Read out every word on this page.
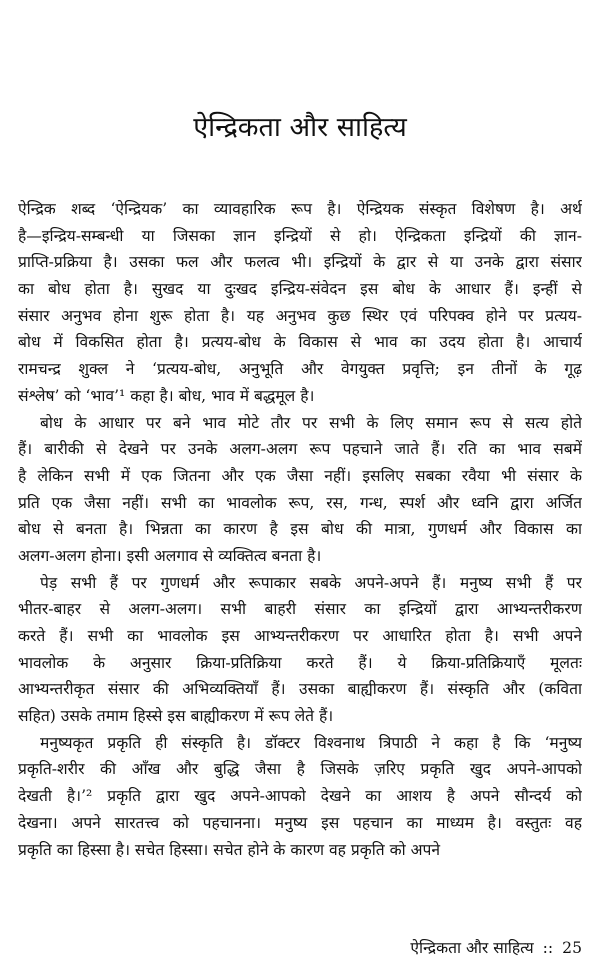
ऐन्द्रिकता और साहित्य
ऐन्द्रिक शब्द ‘ऐन्द्रियक’ का व्यावहारिक रूप है। ऐन्द्रियक संस्कृत विशेषण है। अर्थ
है—इन्द्रिय-सम्बन्धी या जिसका ज्ञान इन्द्रियों से हो। ऐन्द्रिकता इन्द्रियों की ज्ञान-
प्राप्ति-प्रक्रिया है। उसका फल और फलत्व भी। इन्द्रियों के द्वार से या उनके द्वारा संसार
का बोध होता है। सुखद या दुःखद इन्द्रिय-संवेदन इस बोध के आधार हैं। इन्हीं से
संसार अनुभव होना शुरू होता है। यह अनुभव कुछ स्थिर एवं परिपक्व होने पर प्रत्यय-
बोध में विकसित होता है। प्रत्यय-बोध के विकास से भाव का उदय होता है। आचार्य
रामचन्द्र शुक्ल ने ‘प्रत्यय-बोध, अनुभूति और वेगयुक्त प्रवृत्ति; इन तीनों के गूढ़
संश्लेष’ को ‘भाव’¹ कहा है। बोध, भाव में बद्धमूल है।
बोध के आधार पर बने भाव मोटे तौर पर सभी के लिए समान रूप से सत्य होते
हैं। बारीकी से देखने पर उनके अलग-अलग रूप पहचाने जाते हैं। रति का भाव सबमें
है लेकिन सभी में एक जितना और एक जैसा नहीं। इसलिए सबका रवैया भी संसार के
प्रति एक जैसा नहीं। सभी का भावलोक रूप, रस, गन्ध, स्पर्श और ध्वनि द्वारा अर्जित
बोध से बनता है। भिन्नता का कारण है इस बोध की मात्रा, गुणधर्म और विकास का
अलग-अलग होना। इसी अलगाव से व्यक्तित्व बनता है।
पेड़ सभी हैं पर गुणधर्म और रूपाकार सबके अपने-अपने हैं। मनुष्य सभी हैं पर
भीतर-बाहर से अलग-अलग। सभी बाहरी संसार का इन्द्रियों द्वारा आभ्यन्तरीकरण
करते हैं। सभी का भावलोक इस आभ्यन्तरीकरण पर आधारित होता है। सभी अपने
भावलोक के अनुसार क्रिया-प्रतिक्रिया करते हैं। ये क्रिया-प्रतिक्रियाएँ मूलतः
आभ्यन्तरीकृत संसार की अभिव्यक्तियाँ हैं। उसका बाह्यीकरण हैं। संस्कृति और (कविता
सहित) उसके तमाम हिस्से इस बाह्यीकरण में रूप लेते हैं।
मनुष्यकृत प्रकृति ही संस्कृति है। डॉक्टर विश्वनाथ त्रिपाठी ने कहा है कि ‘मनुष्य
प्रकृति-शरीर की आँख और बुद्धि जैसा है जिसके ज़रिए प्रकृति खुद अपने-आपको
देखती है।’² प्रकृति द्वारा खुद अपने-आपको देखने का आशय है अपने सौन्दर्य को
देखना। अपने सारतत्त्व को पहचानना। मनुष्य इस पहचान का माध्यम है। वस्तुतः वह
प्रकृति का हिस्सा है। सचेत हिस्सा। सचेत होने के कारण वह प्रकृति को अपने
ऐन्द्रिकता और साहित्य :: 25
